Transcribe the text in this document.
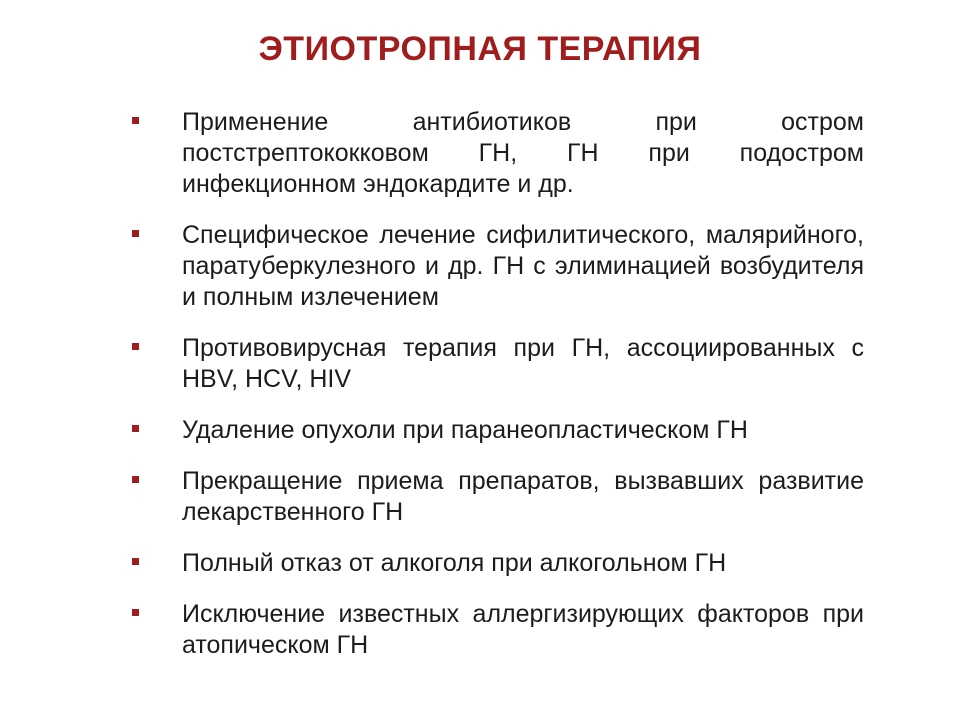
ЭТИОТРОПНАЯ ТЕРАПИЯ
Применение антибиотиков при остром постстрептококковом ГН, ГН при подостром инфекционном эндокардите и др.
Специфическое лечение сифилитического, малярийного, паратуберкулезного и др. ГН с элиминацией возбудителя и полным излечением
Противовирусная терапия при ГН, ассоциированных с HBV, HCV, HIV
Удаление опухоли при паранеопластическом ГН
Прекращение приема препаратов, вызвавших развитие лекарственного ГН
Полный отказ от алкоголя при алкогольном ГН
Исключение известных аллергизирующих факторов при атопическом ГН
